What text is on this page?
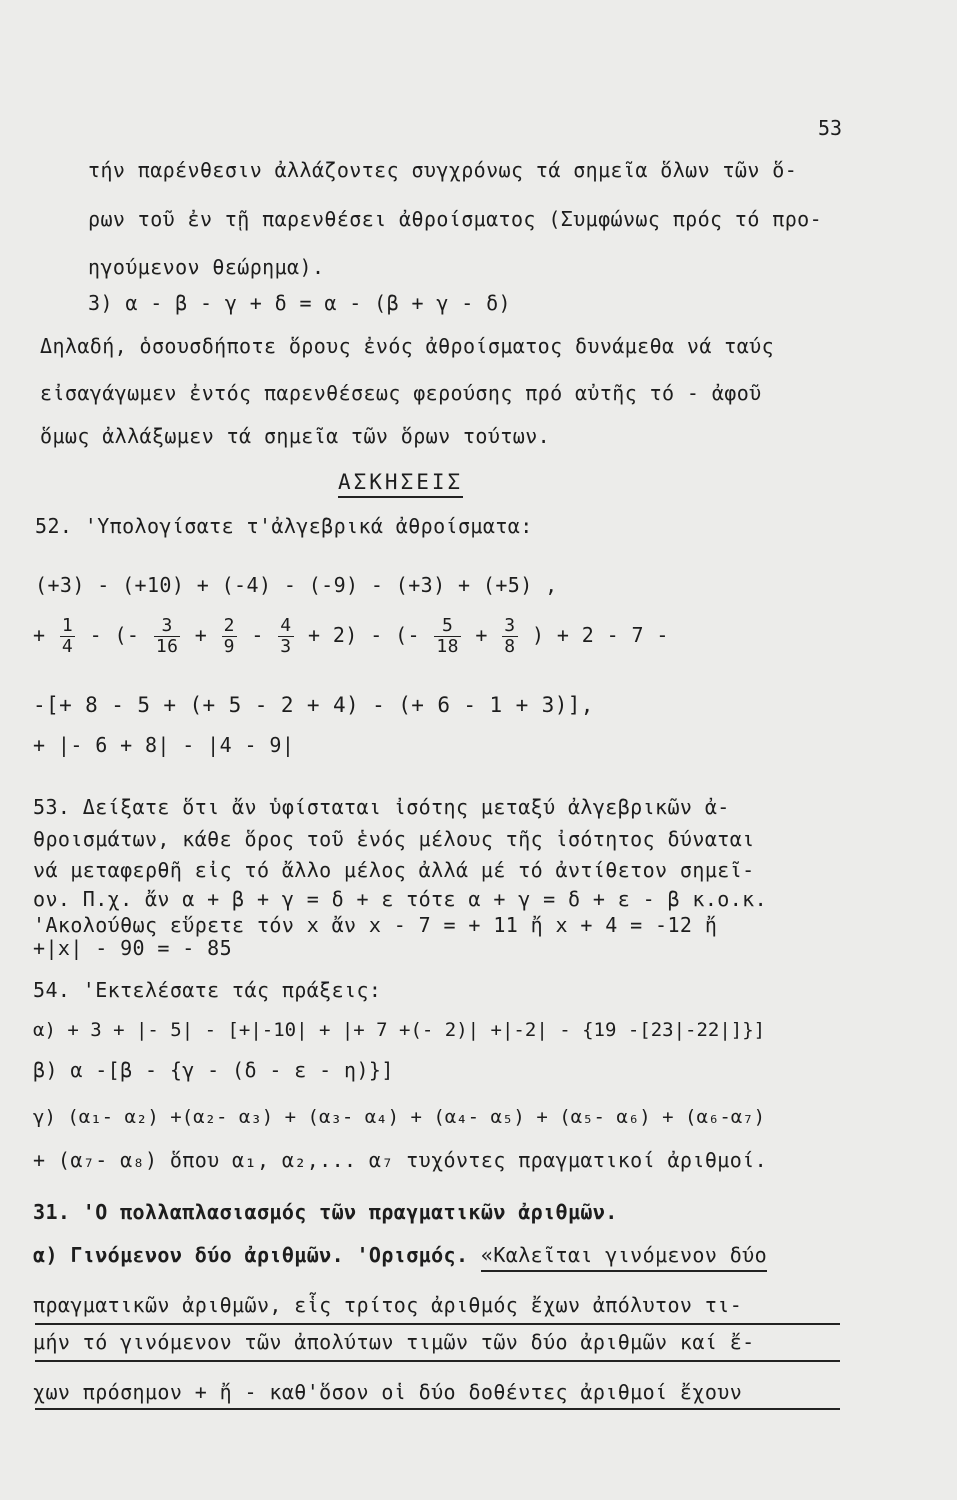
53
τήν παρένθεσιν ἀλλάζοντες συγχρόνως τά σημεῖα ὅλων τῶν ὅ-
ρων τοῦ ἐν τῇ παρενθέσει ἀθροίσματος (Συμφώνως πρός τό προ-
ηγούμενον θεώρημα).
3) α - β - γ + δ = α - (β + γ - δ)
Δηλαδή, ὁσουσδήποτε ὅρους ἐνός ἀθροίσματος δυνάμεθα νά ταύς
εἰσαγάγωμεν ἐντός παρενθέσεως φερούσης πρό αὐτῆς τό - ἀφοῦ
ὅμως ἀλλάξωμεν τά σημεῖα τῶν ὅρων τούτων.
ΑΣΚΗΣΕΙΣ
52. 'Υπολογίσατε τ'ἀλγεβρικά ἀθροίσματα:
(+3) - (+10) + (-4) - (-9) - (+3) + (+5) ,
+ $\frac{1}{4}$ - (- $\frac{3}{16} + \frac{2}{9} - \frac{4}{3} + 2$) - (- $\frac{5}{18} + \frac{3}{8}$ ) + 2 - 7 -
-[+ 8 - 5 + (+ 5 - 2 + 4) - (+ 6 - 1 + 3)],
+ |- 6 + 8| - |4 - 9|
53. Δείξατε ὅτι ἄν ὑφίσταται ἰσότης μεταξύ ἀλγεβρικῶν ἀ-
θροισμάτων, κάθε ὅρος τοῦ ἑνός μέλους τῆς ἰσότητος δύναται
νά μεταφερθῆ εἰς τό ἄλλο μέλος ἀλλά μέ τό ἀντίθετον σημεῖ-
ον. Π.χ. ἄν α + β + γ = δ + ε τότε α + γ = δ + ε - β κ.ο.κ.
'Ακολούθως εὕρετε τόν x ἄν x - 7 = + 11 ἤ x + 4 = -12 ἤ
+|x| - 90 = - 85
54. 'Εκτελέσατε τάς πράξεις:
α) + 3 + |- 5| - [+|-10| + |+ 7 +(- 2)| +|-2| - {19 -[23|-22|]}]
β) α -[β - {γ - (δ - ε - η)}]
γ) (α₁- α₂) +(α₂- α₃) + (α₃- α₄) + (α₄- α₅) + (α₅- α₆) + (α₆-α₇)
+ (α₇- α₈) ὅπου α₁, α₂,... α₇ τυχόντες πραγματικοί ἀριθμοί.
31. 'Ο πολλαπλασιασμός τῶν πραγματικῶν ἀριθμῶν.
α) Γινόμενον δύο ἀριθμῶν. 'Ορισμός. «Καλεῖται γινόμενον δύο
πραγματικῶν ἀριθμῶν, εἷς τρίτος ἀριθμός ἔχων ἀπόλυτον τι-
μήν τό γινόμενον τῶν ἀπολύτων τιμῶν τῶν δύο ἀριθμῶν καί ἔ-
χων πρόσημον + ἤ - καθ'ὅσον οἱ δύο δοθέντες ἀριθμοί ἔχουν
